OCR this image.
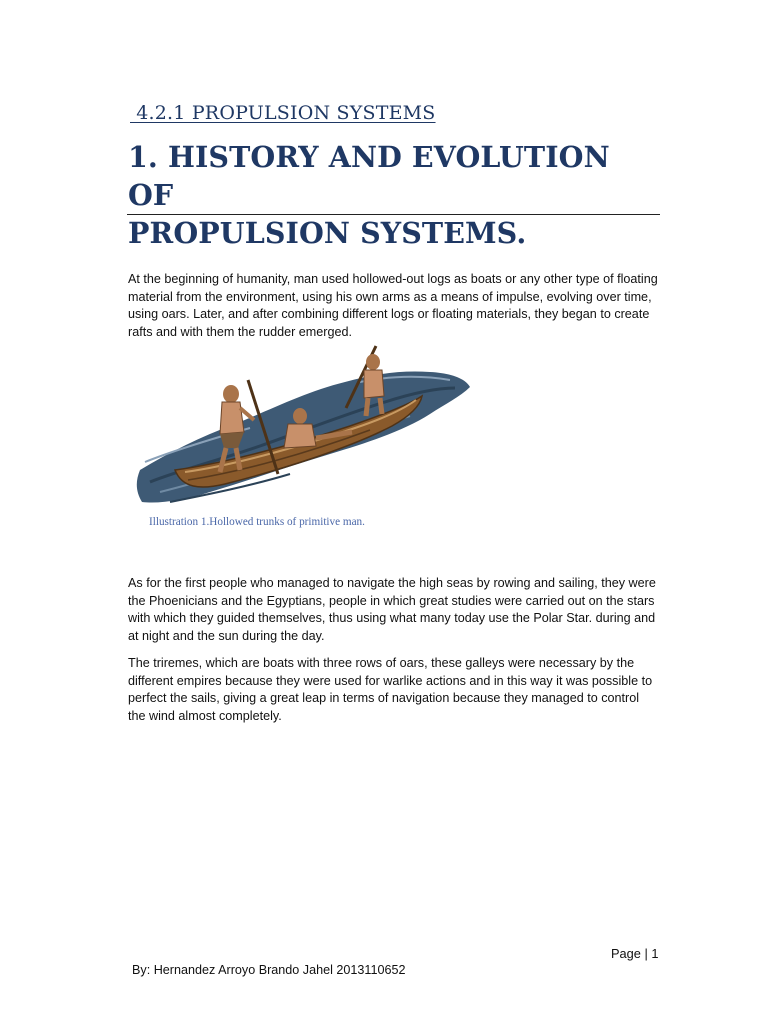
4.2.1 PROPULSION SYSTEMS
1. HISTORY AND EVOLUTION OF
PROPULSION SYSTEMS.

At the beginning of humanity, man used hollowed-out logs as boats or any other type of floating material from the environment, using his own arms as a means of impulse, evolving over time, using oars. Later, and after combining different logs or floating materials, they began to create rafts and with them the rudder emerged.

Illustration 1.Hollowed trunks of primitive man.

As for the first people who managed to navigate the high seas by rowing and sailing, they were the Phoenicians and the Egyptians, people in which great studies were carried out on the stars with which they guided themselves, thus using what many today use the Polar Star. during and at night and the sun during the day.

The triremes, which are boats with three rows of oars, these galleys were necessary by the different empires because they were used for warlike actions and in this way it was possible to perfect the sails, giving a great leap in terms of navigation because they managed to control the wind almost completely.

Page | 1
By: Hernandez Arroyo Brando Jahel 2013110652
